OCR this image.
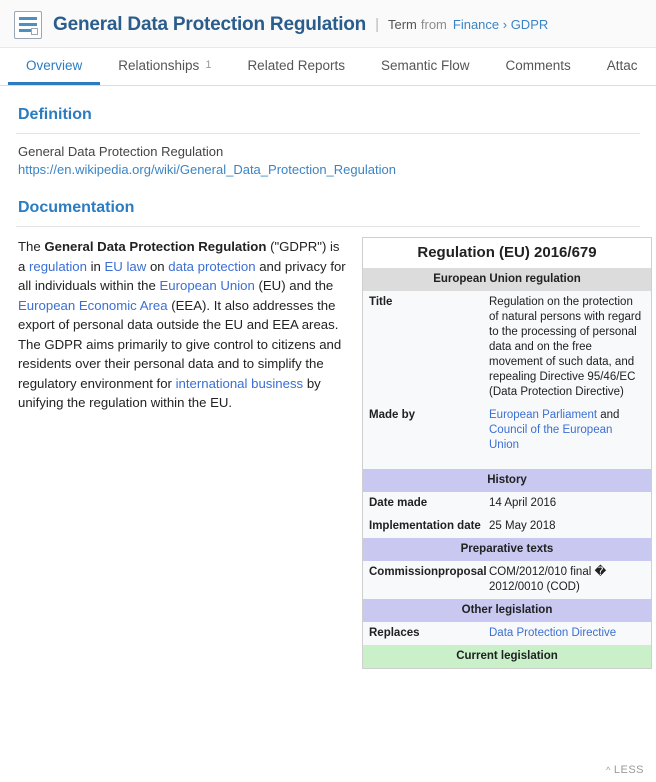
General Data Protection Regulation | Term from Finance › GDPR
Overview	Relationships 1	Related Reports	Semantic Flow	Comments	Attac
Definition
General Data Protection Regulation
https://en.wikipedia.org/wiki/General_Data_Protection_Regulation
Documentation
The General Data Protection Regulation ("GDPR") is a regulation in EU law on data protection and privacy for all individuals within the European Union (EU) and the European Economic Area (EEA). It also addresses the export of personal data outside the EU and EEA areas. The GDPR aims primarily to give control to citizens and residents over their personal data and to simplify the regulatory environment for international business by unifying the regulation within the EU.
Regulation (EU) 2016/679
European Union regulation
Title	Regulation on the protection of natural persons with regard to the processing of personal data and on the free movement of such data, and repealing Directive 95/46/EC (Data Protection Directive)
Made by	European Parliament and Council of the European Union
History
Date made	14 April 2016
Implementation date 25 May 2018
Preparative texts
Commissionproposal COM/2012/010 final � 2012/0010 (COD)
Other legislation
Replaces	Data Protection Directive
Current legislation
^ LESS
